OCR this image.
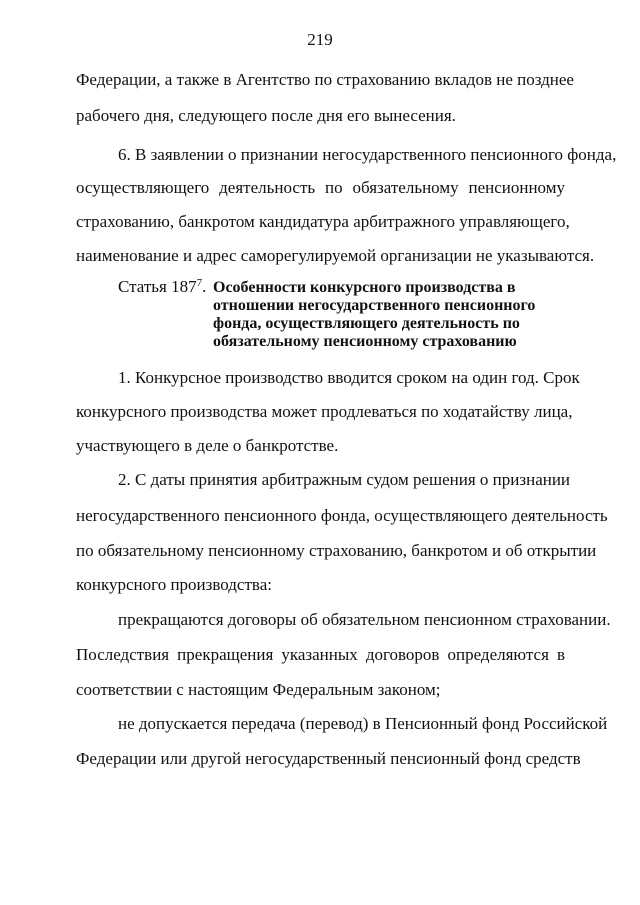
219
Федерации, а также в Агентство по страхованию вкладов не позднее
рабочего дня, следующего после дня его вынесения.
6. В заявлении о признании негосударственного пенсионного фонда,
осуществляющего деятельность по обязательному пенсионному
страхованию, банкротом кандидатура арбитражного управляющего,
наименование и адрес саморегулируемой организации не указываются.
1. Конкурсное производство вводится сроком на один год. Срок
конкурсного производства может продлеваться по ходатайству лица,
участвующего в деле о банкротстве.
2. С даты принятия арбитражным судом решения о признании
негосударственного пенсионного фонда, осуществляющего деятельность
по обязательному пенсионному страхованию, банкротом и об открытии
конкурсного производства:
прекращаются договоры об обязательном пенсионном страховании.
Последствия прекращения указанных договоров определяются в
соответствии с настоящим Федеральным законом;
не допускается передача (перевод) в Пенсионный фонд Российской
Федерации или другой негосударственный пенсионный фонд средств
Статья $187^7$. Особенности конкурсного производства в
отношении негосударственного пенсионного
фонда, осуществляющего деятельность по
обязательному пенсионному страхованию
